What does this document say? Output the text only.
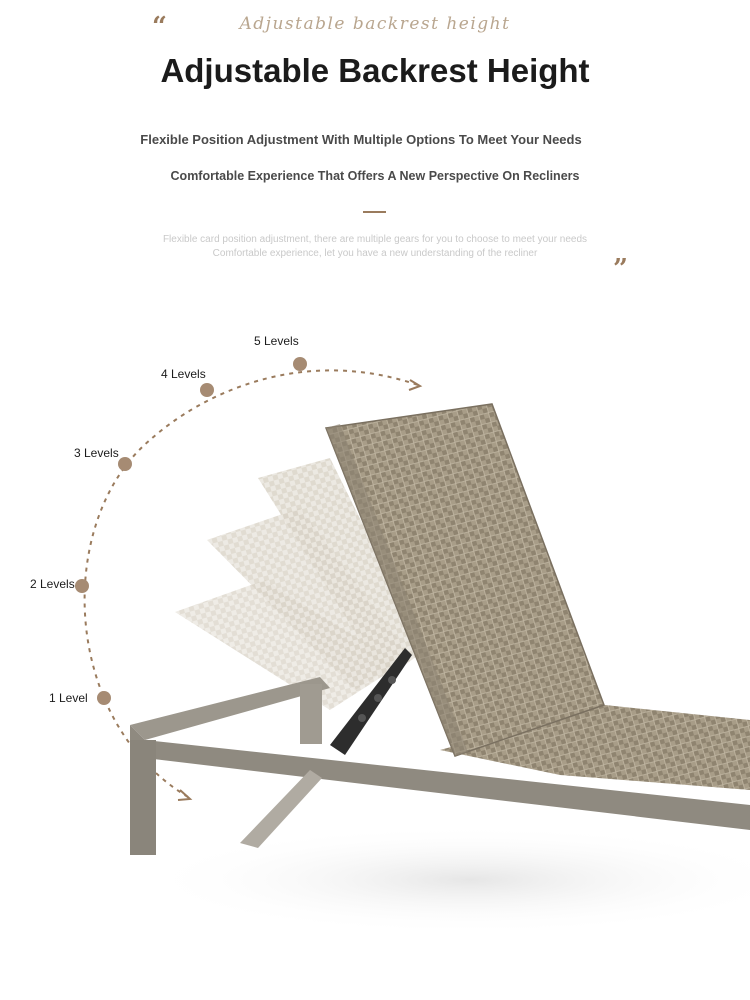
“	Adjustable backrest height
Adjustable Backrest Height
Flexible Position Adjustment With Multiple Options To Meet Your Needs
Comfortable Experience That Offers A New Perspective On Recliners
Flexible card position adjustment, there are multiple gears for you to choose to meet your needs
Comfortable experience, let you have a new understanding of the recliner
”
5 Levels
4 Levels
3 Levels
2 Levels
1 Level
